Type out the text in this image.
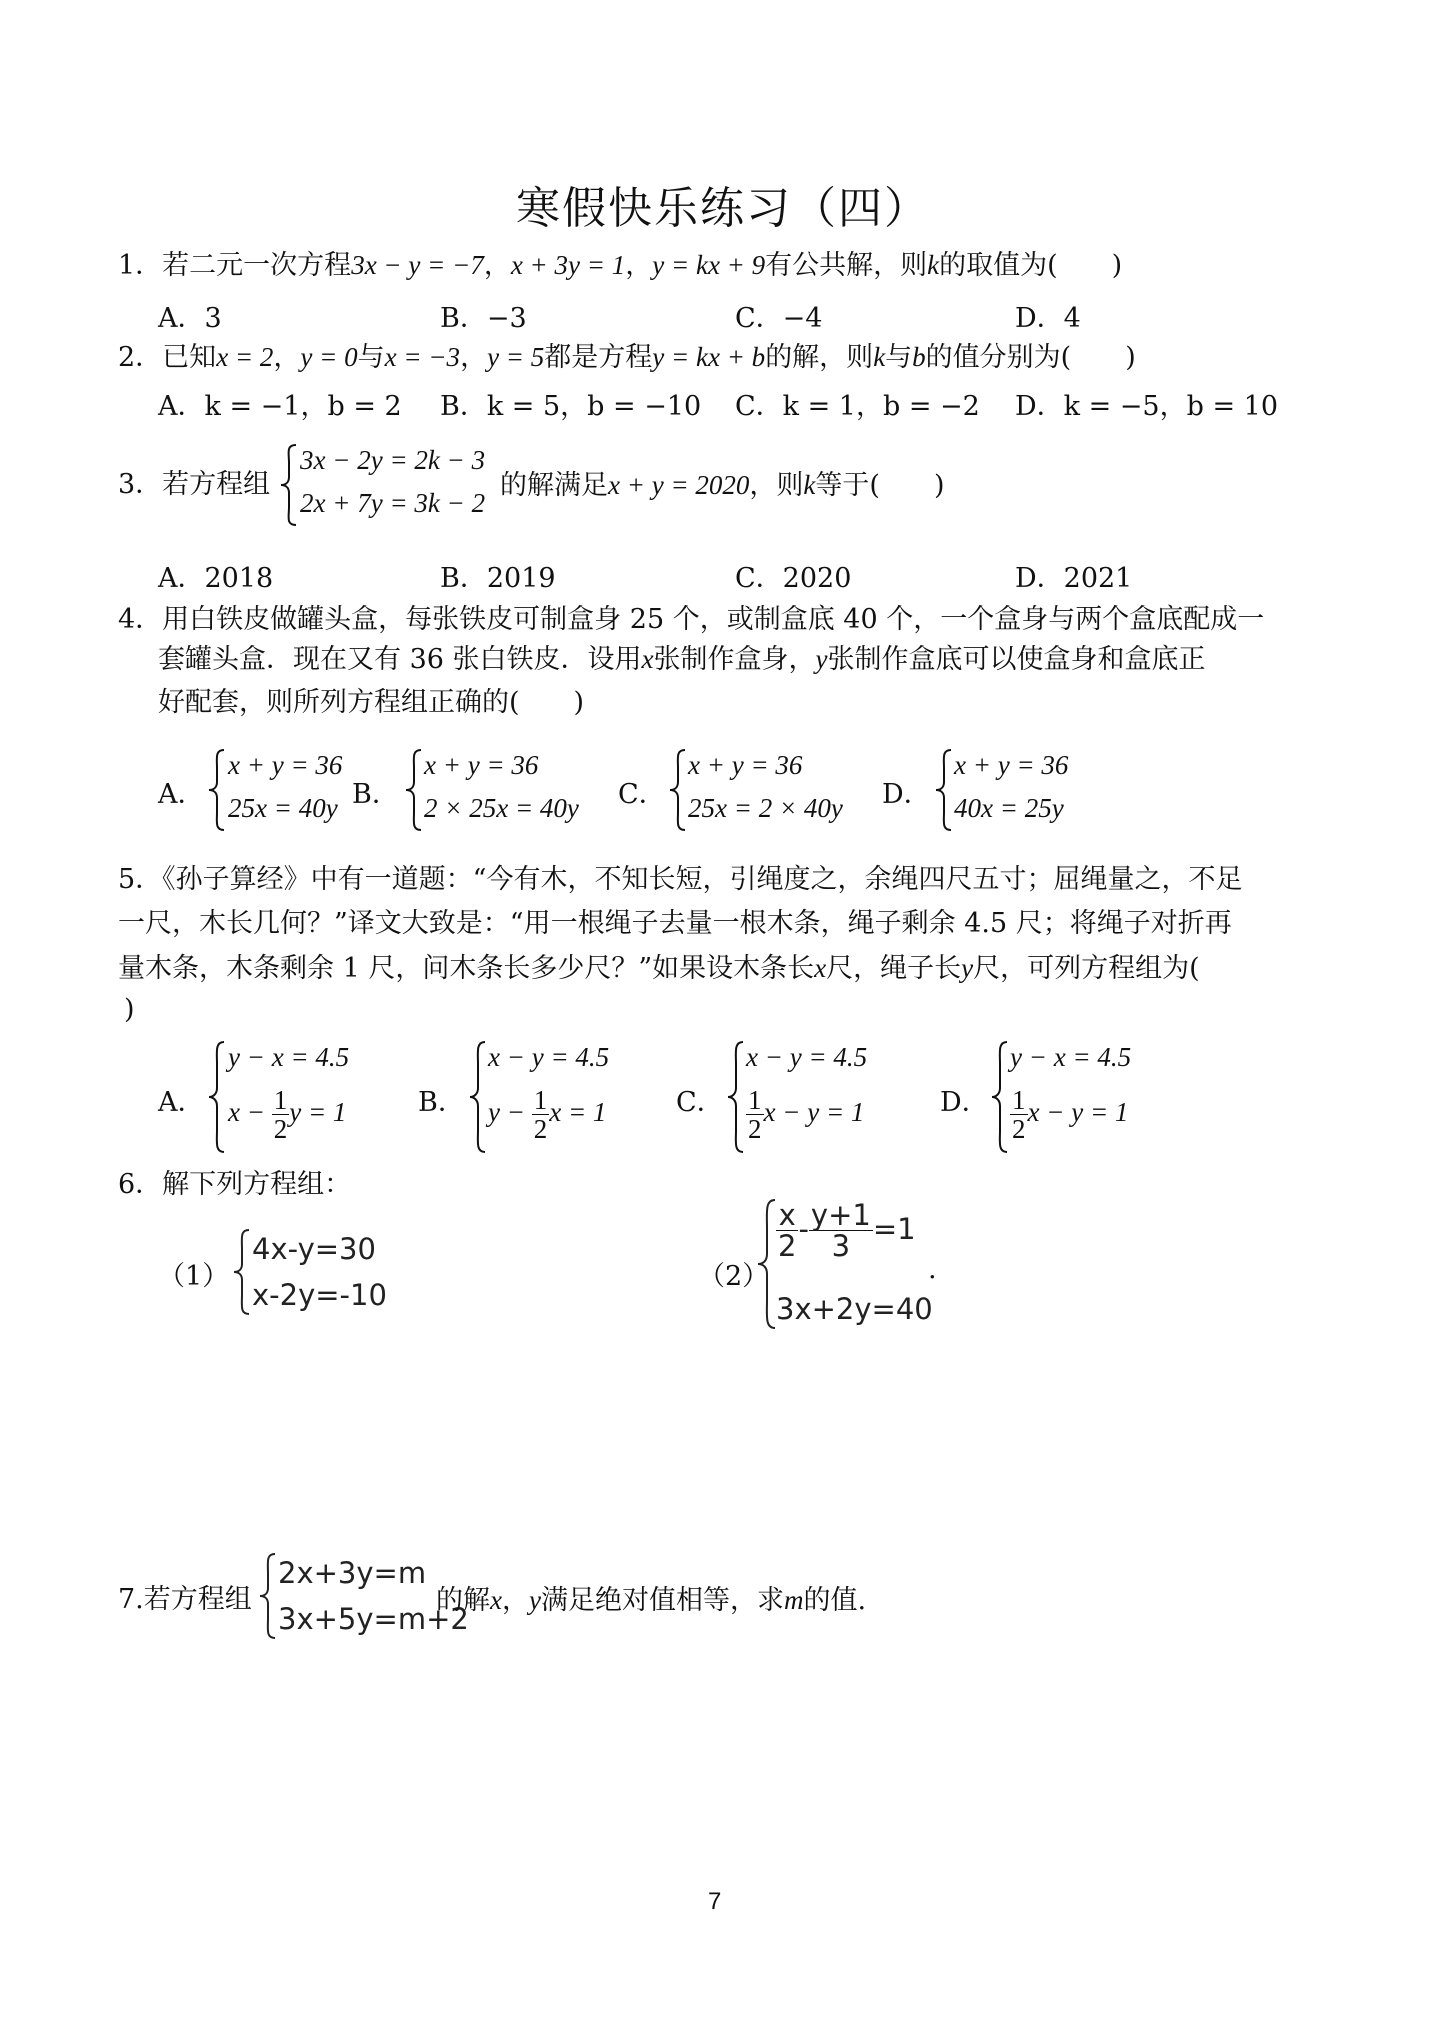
寒假快乐练习（四）
1．若二元一次方程3x − y = −7，x + 3y = 1，y = kx + 9有公共解，则k的取值为(　　)
A．3	B．−3	C．−4	D．4
2．已知x = 2，y = 0与x = −3，y = 5都是方程y = kx + b的解，则k与b的值分别为(　　)
A．k = −1，b = 2 B．k = 5，b = −10 C．k = 1，b = −2 D．k = −5，b = 10
3．若方程组
3x − 2y = 2k − 3
2x + 7y = 3k − 2
的解满足x + y = 2020，则k等于(　　)
A．2018	B．2019	C．2020	D．2021
4．用白铁皮做罐头盒，每张铁皮可制盒身 25 个，或制盒底 40 个，一个盒身与两个盒底配成一
套罐头盒．现在又有 36 张白铁皮．设用x张制作盒身，y张制作盒底可以使盒身和盒底正
好配套，则所列方程组正确的(　　)
A．
x + y = 36
25x = 40y B．
x + y = 36
2 × 25x = 40y C．
x + y = 36
25x = 2 × 40y D．
x + y = 36
40x = 25y
5．《孙子算经》中有一道题：“今有木，不知长短，引绳度之，余绳四尺五寸；屈绳量之，不足
一尺，木长几何？”译文大致是：“用一根绳子去量一根木条，绳子剩余 4.5 尺；将绳子对折再
量木条，木条剩余 1 尺，问木条长多少尺？”如果设木条长x尺，绳子长y尺，可列方程组为(
)
A．
y − x = 4.5
$x - \frac{1}{2}$ y = 1	B．
x − y = 4.5
$y - \frac{1}{2}$ x = 1	C．
x − y = 4.5
$\frac{1}{2}$ x − y = 1	D．
y − x = 4.5
$\frac{1}{2}$ x − y = 1
6．解下列方程组：
（1）
4x-y=30
x-2y=-10
（2）
$\frac{x}{2} - \frac{y+1}{3} =1$
3x+2y=40
.
7.若方程组
2x+3y=m
3x+5y=m+2
的解x，y满足绝对值相等，求m的值.
7
